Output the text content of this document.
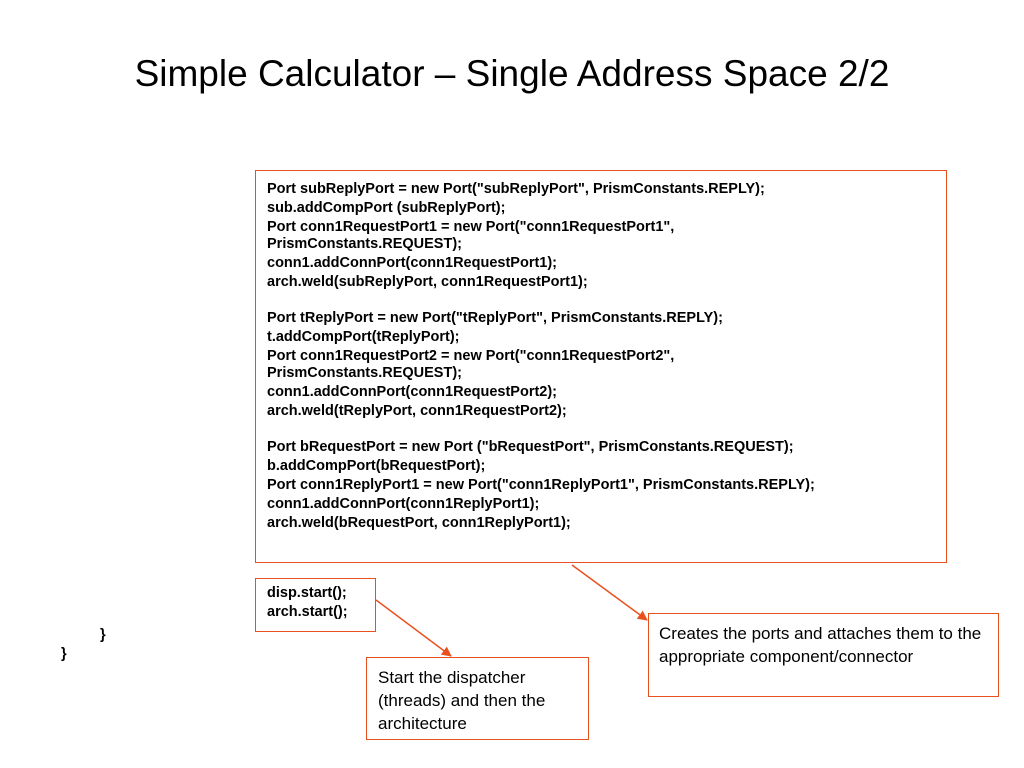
Simple Calculator – Single Address Space 2/2
Port subReplyPort = new Port("subReplyPort", PrismConstants.REPLY);
sub.addCompPort (subReplyPort);
Port conn1RequestPort1 = new Port("conn1RequestPort1",
PrismConstants.REQUEST);
conn1.addConnPort(conn1RequestPort1);
arch.weld(subReplyPort, conn1RequestPort1);
Port tReplyPort = new Port("tReplyPort", PrismConstants.REPLY);
t.addCompPort(tReplyPort);
Port conn1RequestPort2 = new Port("conn1RequestPort2",
PrismConstants.REQUEST);
conn1.addConnPort(conn1RequestPort2);
arch.weld(tReplyPort, conn1RequestPort2);
Port bRequestPort = new Port ("bRequestPort", PrismConstants.REQUEST);
b.addCompPort(bRequestPort);
Port conn1ReplyPort1 = new Port("conn1ReplyPort1", PrismConstants.REPLY);
conn1.addConnPort(conn1ReplyPort1);
arch.weld(bRequestPort, conn1ReplyPort1);
disp.start();
arch.start();
}
}
Creates the ports and attaches them to the appropriate component/connector
Start the dispatcher (threads) and then the architecture
